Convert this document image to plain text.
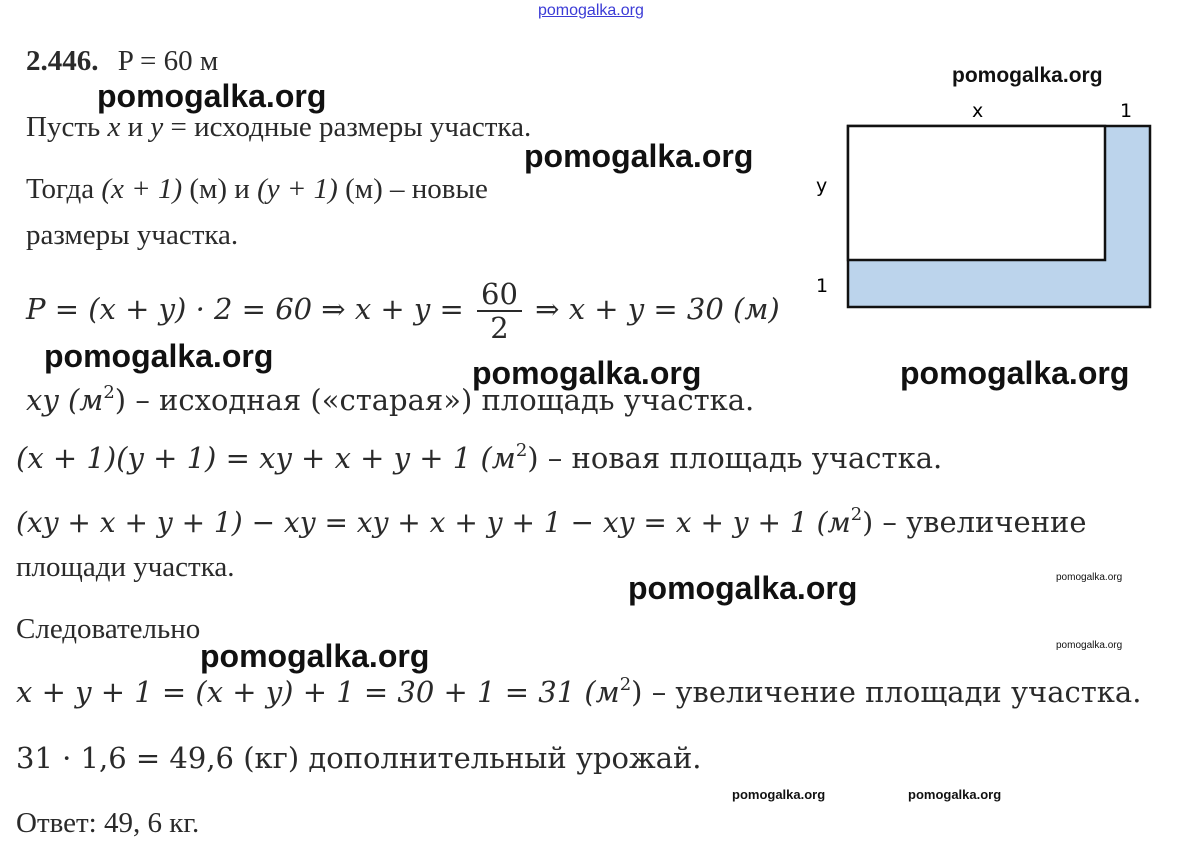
pomogalka.org
2.446. P = 60 м
Пусть x и y = исходные размеры участка.
Тогда (x + 1) (м) и (y + 1) (м) – новые
размеры участка.
P = (x + y) · 2 = 60 ⇒ $x + y = \frac{60}{2}$ ⇒ x + y = 30 (м)
xy $(м^2)$ – исходная («старая») площадь участка.
(x + 1)(y + 1) = xy + x + y + 1 $(м^2)$ – новая площадь участка.
(xy + x + y + 1) − xy = xy + x + y + 1 − xy = x + y + 1 $(м^2)$ – увеличение
площади участка.
Следовательно
x + y + 1 = (x + y) + 1 = 30 + 1 = 31 $(м^2)$ – увеличение площади участка.
31 · 1,6 = 49,6 (кг) дополнительный урожай.
Ответ: 49, 6 кг.
x	1
y
1
pomogalka.org
pomogalka.org
pomogalka.org
pomogalka.org	pomogalka.org	pomogalka.org
pomogalka.org	pomogalka.org
pomogalka.org
pomogalka.org
pomogalka.org	pomogalka.org
